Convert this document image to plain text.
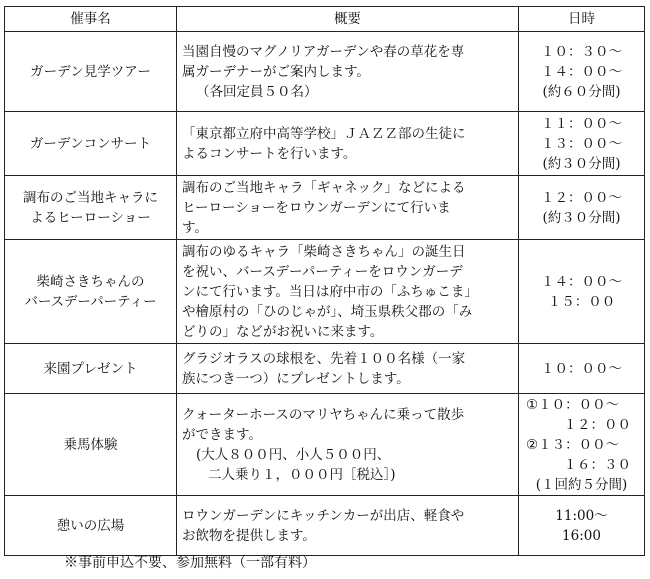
催事名	概要	日時

ガーデン見学ツアー	当園自慢のマグノリアガーデンや春の草花を専
属ガーデナーがご案内します。
（各回定員５０名）	１０：３０～
１４：００～
(約６０分間)

ガーデンコンサート	「東京都立府中高等学校」ＪＡＺＺ部の生徒に
よるコンサートを行います。	１１：００～
１３：００～
(約３０分間)

調布のご当地キャラに
よるヒーローショー	調布のご当地キャラ「ギャネック」などによる
ヒーローショーをロウンガーデンにて行いま
す。	１２：００～
(約３０分間)

柴崎さきちゃんの
バースデーパーティー	調布のゆるキャラ「柴崎さきちゃん」の誕生日
を祝い、バースデーパーティーをロウンガーデ
ンにて行います。当日は府中市の「ふちゅこま」
や檜原村の「ひのじゃが」、埼玉県秩父郡の「み
どりの」などがお祝いに来ます。	１４：００～
１５：００

来園プレゼント	グラジオラスの球根を、先着１００名様（一家
族につき一つ）にプレゼントします。	１０：００～

乗馬体験	クォーターホースのマリヤちゃんに乗って散歩
ができます。
(大人８００円、小人５００円、
二人乗り１，０００円［税込］)	①１０：００～
１２：００
②１３：００～
１６：３０
(１回約５分間)

憩いの広場	ロウンガーデンにキッチンカーが出店、軽食や
お飲物を提供します。	11:00～
16:00
※事前申込不要、参加無料（一部有料）
